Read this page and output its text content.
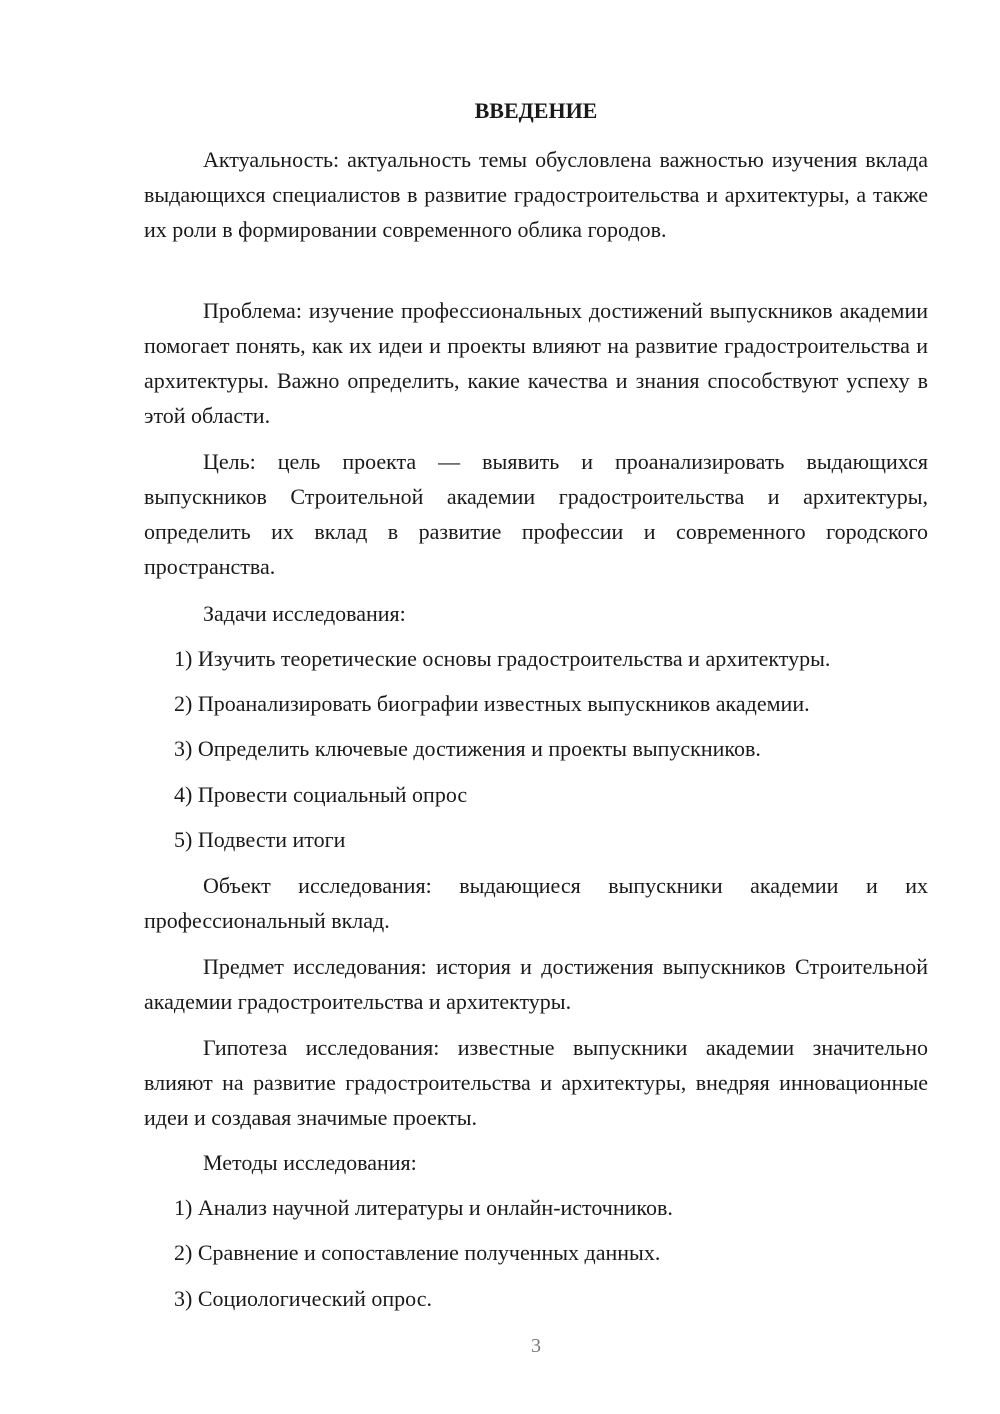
ВВЕДЕНИЕ

Актуальность: актуальность темы обусловлена важностью изучения вклада выдающихся специалистов в развитие градостроительства и архитектуры, а также их роли в формировании современного облика городов.

Проблема: изучение профессиональных достижений выпускников академии помогает понять, как их идеи и проекты влияют на развитие градостроительства и архитектуры. Важно определить, какие качества и знания способствуют успеху в этой области.

Цель: цель проекта — выявить и проанализировать выдающихся выпускников Строительной академии градостроительства и архитектуры, определить их вклад в развитие профессии и современного городского пространства.

Задачи исследования:

1) Изучить теоретические основы градостроительства и архитектуры.

2) Проанализировать биографии известных выпускников академии.

3) Определить ключевые достижения и проекты выпускников.

4) Провести социальный опрос

5) Подвести итоги

Объект исследования: выдающиеся выпускники академии и их профессиональный вклад.

Предмет исследования: история и достижения выпускников Строительной академии градостроительства и архитектуры.

Гипотеза исследования: известные выпускники академии значительно влияют на развитие градостроительства и архитектуры, внедряя инновационные идеи и создавая значимые проекты.

Методы исследования:

1) Анализ научной литературы и онлайн-источников.

2) Сравнение и сопоставление полученных данных.

3) Социологический опрос.

3
